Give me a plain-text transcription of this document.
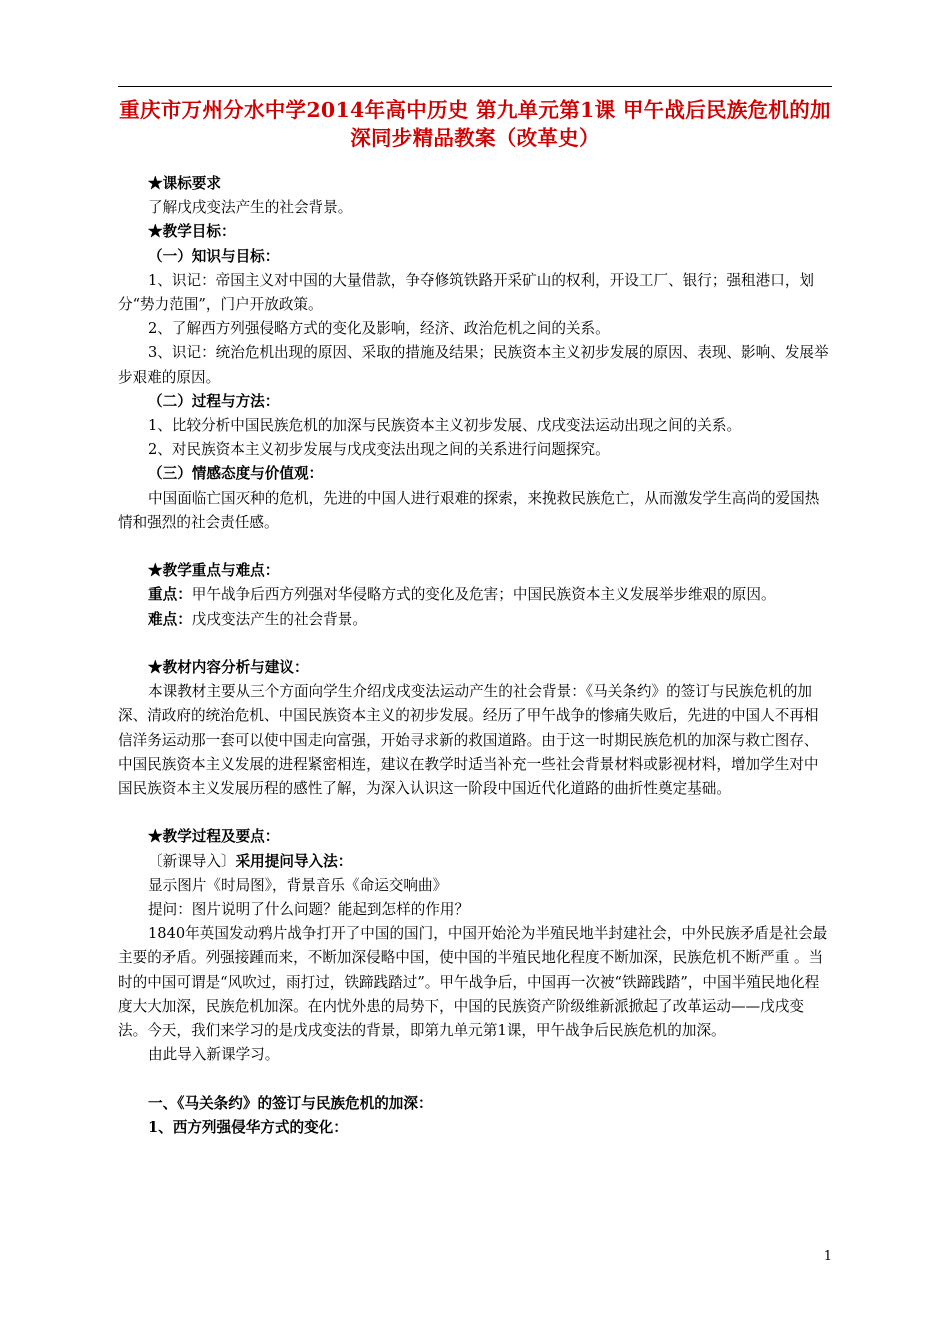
重庆市万州分水中学2014年高中历史 第九单元第1课 甲午战后民族危机的加深同步精品教案（改革史）

★课标要求

了解戊戌变法产生的社会背景。

★教学目标：

（一）知识与目标：

1、识记：帝国主义对中国的大量借款，争夺修筑铁路开采矿山的权利，开设工厂、银行；强租港口，划分“势力范围”，门户开放政策。

2、了解西方列强侵略方式的变化及影响，经济、政治危机之间的关系。

3、识记：统治危机出现的原因、采取的措施及结果；民族资本主义初步发展的原因、表现、影响、发展举步艰难的原因。

（二）过程与方法：

1、比较分析中国民族危机的加深与民族资本主义初步发展、戊戌变法运动出现之间的关系。

2、对民族资本主义初步发展与戊戌变法出现之间的关系进行问题探究。

（三）情感态度与价值观：

中国面临亡国灭种的危机，先进的中国人进行艰难的探索，来挽救民族危亡，从而激发学生高尚的爱国热情和强烈的社会责任感。

★教学重点与难点：

重点：甲午战争后西方列强对华侵略方式的变化及危害；中国民族资本主义发展举步维艰的原因。

难点：戊戌变法产生的社会背景。

★教材内容分析与建议：

本课教材主要从三个方面向学生介绍戊戌变法运动产生的社会背景：《马关条约》的签订与民族危机的加深、清政府的统治危机、中国民族资本主义的初步发展。经历了甲午战争的惨痛失败后，先进的中国人不再相信洋务运动那一套可以使中国走向富强，开始寻求新的救国道路。由于这一时期民族危机的加深与救亡图存、中国民族资本主义发展的进程紧密相连，建议在教学时适当补充一些社会背景材料或影视材料，增加学生对中国民族资本主义发展历程的感性了解，为深入认识这一阶段中国近代化道路的曲折性奠定基础。

★教学过程及要点：

〔新课导入〕采用提问导入法：

显示图片《时局图》，背景音乐《命运交响曲》

提问：图片说明了什么问题？能起到怎样的作用？

1840年英国发动鸦片战争打开了中国的国门，中国开始沦为半殖民地半封建社会，中外民族矛盾是社会最主要的矛盾。列强接踵而来，不断加深侵略中国，使中国的半殖民地化程度不断加深，民族危机不断严重 。当时的中国可谓是“风吹过，雨打过，铁蹄践踏过”。甲午战争后，中国再一次被“铁蹄践踏”，中国半殖民地化程度大大加深，民族危机加深。在内忧外患的局势下，中国的民族资产阶级维新派掀起了改革运动——戊戌变法。今天，我们来学习的是戊戌变法的背景，即第九单元第1课，甲午战争后民族危机的加深。

由此导入新课学习。

一、《马关条约》的签订与民族危机的加深：

1、西方列强侵华方式的变化：

1
